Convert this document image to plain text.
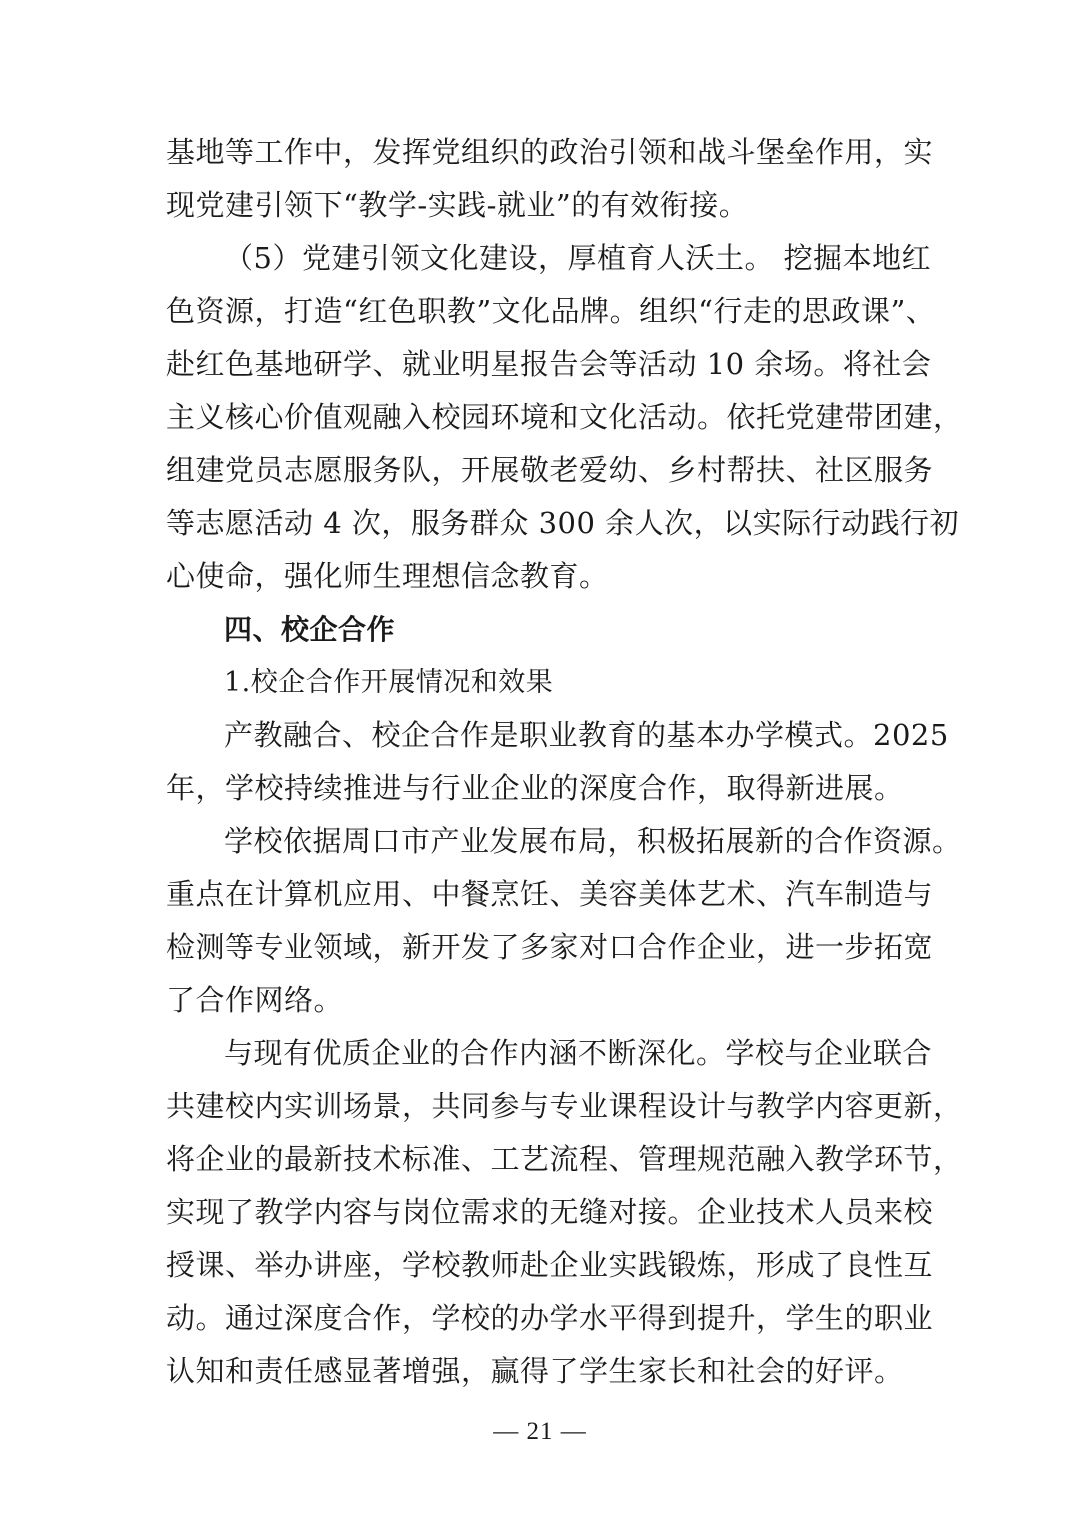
基地等工作中，发挥党组织的政治引领和战斗堡垒作用，实
现党建引领下“教学-实践-就业”的有效衔接。
（5）党建引领文化建设，厚植育人沃土。 挖掘本地红
色资源，打造“红色职教”文化品牌。组织“行走的思政课”、
赴红色基地研学、就业明星报告会等活动 10 余场。将社会
主义核心价值观融入校园环境和文化活动。依托党建带团建，
组建党员志愿服务队，开展敬老爱幼、乡村帮扶、社区服务
等志愿活动 4 次，服务群众 300 余人次，以实际行动践行初
心使命，强化师生理想信念教育。
四、校企合作
1.校企合作开展情况和效果
产教融合、校企合作是职业教育的基本办学模式。2025
年，学校持续推进与行业企业的深度合作，取得新进展。
学校依据周口市产业发展布局，积极拓展新的合作资源。
重点在计算机应用、中餐烹饪、美容美体艺术、汽车制造与
检测等专业领域，新开发了多家对口合作企业，进一步拓宽
了合作网络。
与现有优质企业的合作内涵不断深化。学校与企业联合
共建校内实训场景，共同参与专业课程设计与教学内容更新，
将企业的最新技术标准、工艺流程、管理规范融入教学环节，
实现了教学内容与岗位需求的无缝对接。企业技术人员来校
授课、举办讲座，学校教师赴企业实践锻炼，形成了良性互
动。通过深度合作，学校的办学水平得到提升，学生的职业
认知和责任感显著增强，赢得了学生家长和社会的好评。
— 21 —
